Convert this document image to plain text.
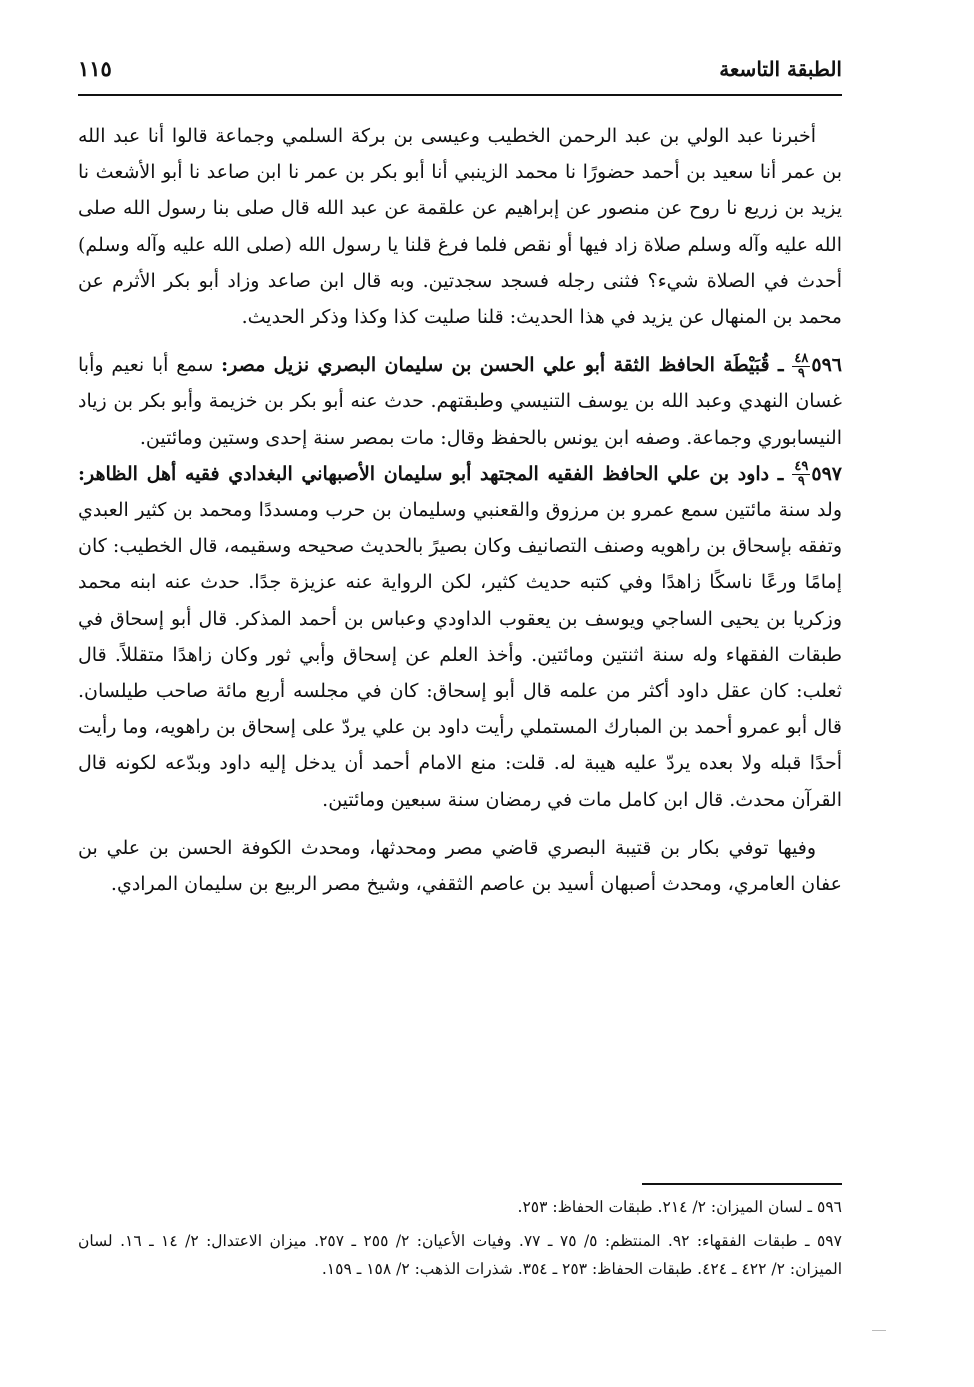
الطبقة التاسعة
١١٥

أخبرنا عبد الولي بن عبد الرحمن الخطيب وعيسى بن بركة السلمي وجماعة قالوا أنا عبد الله بن عمر أنا سعيد بن أحمد حضورًا نا محمد الزينبي أنا أبو بكر بن عمر نا ابن صاعد نا أبو الأشعث نا يزيد بن زريع نا روح عن منصور عن إبراهيم عن علقمة عن عبد الله قال صلى بنا رسول الله صلى الله عليه وآله وسلم صلاة زاد فيها أو نقص فلما فرغ قلنا يا رسول الله (صلى الله عليه وآله وسلم) أحدث في الصلاة شيء؟ فثنى رجله فسجد سجدتين. وبه قال ابن صاعد وزاد أبو بكر الأثرم عن محمد بن المنهال عن يزيد في هذا الحديث: قلنا صليت كذا وكذا وذكر الحديث.

٥٩٦
$\frac{٤٨}{٩}$
ـ قُبَيْطَة الحافظ الثقة أبو علي الحسن بن سليمان البصري نزيل مصر: سمع أبا نعيم وأبا غسان النهدي وعبد الله بن يوسف التنيسي وطبقتهم. حدث عنه أبو بكر بن خزيمة وأبو بكر بن زياد النيسابوري وجماعة. وصفه ابن يونس بالحفظ وقال: مات بمصر سنة إحدى وستين ومائتين.

٥٩٧
$\frac{٤٩}{٩}$
ـ داود بن علي الحافظ الفقيه المجتهد أبو سليمان الأصبهاني البغدادي فقيه أهل الظاهر: ولد سنة مائتين سمع عمرو بن مرزوق والقعنبي وسليمان بن حرب ومسددًا ومحمد بن كثير العبدي وتفقه بإسحاق بن راهويه وصنف التصانيف وكان بصيرً بالحديث صحيحه وسقيمه، قال الخطيب: كان إمامًا ورعًا ناسكًا زاهدًا وفي كتبه حديث كثير، لكن الرواية عنه عزيزة جدًا. حدث عنه ابنه محمد وزكريا بن يحيى الساجي ويوسف بن يعقوب الداودي وعباس بن أحمد المذكر. قال أبو إسحاق في طبقات الفقهاء وله سنة اثنتين ومائتين. وأخذ العلم عن إسحاق وأبي ثور وكان زاهدًا متقللاً. قال ثعلب: كان عقل داود أكثر من علمه قال أبو إسحاق: كان في مجلسه أربع مائة صاحب طيلسان. قال أبو عمرو أحمد بن المبارك المستملي رأيت داود بن علي يردّ على إسحاق بن راهويه، وما رأيت أحدًا قبله ولا بعده يردّ عليه هيبة له. قلت: منع الامام أحمد أن يدخل إليه داود وبدّعه لكونه قال القرآن محدث. قال ابن كامل مات في رمضان سنة سبعين ومائتين.

وفيها توفي بكار بن قتيبة البصري قاضي مصر ومحدثها، ومحدث الكوفة الحسن بن علي بن عفان العامري، ومحدث أصبهان أسيد بن عاصم الثقفي، وشيخ مصر الربيع بن سليمان المرادي.

٥٩٦ ـ لسان الميزان: ٢/ ٢١٤. طبقات الحفاظ: ٢٥٣.

٥٩٧ ـ طبقات الفقهاء: ٩٢. المنتظم: ٥/ ٧٥ ـ ٧٧. وفيات الأعيان: ٢/ ٢٥٥ ـ ٢٥٧. ميزان الاعتدال: ٢/ ١٤ ـ ١٦. لسان الميزان: ٢/ ٤٢٢ ـ ٤٢٤. طبقات الحفاظ: ٢٥٣ ـ ٣٥٤. شذرات الذهب: ٢/ ١٥٨ ـ ١٥٩.
